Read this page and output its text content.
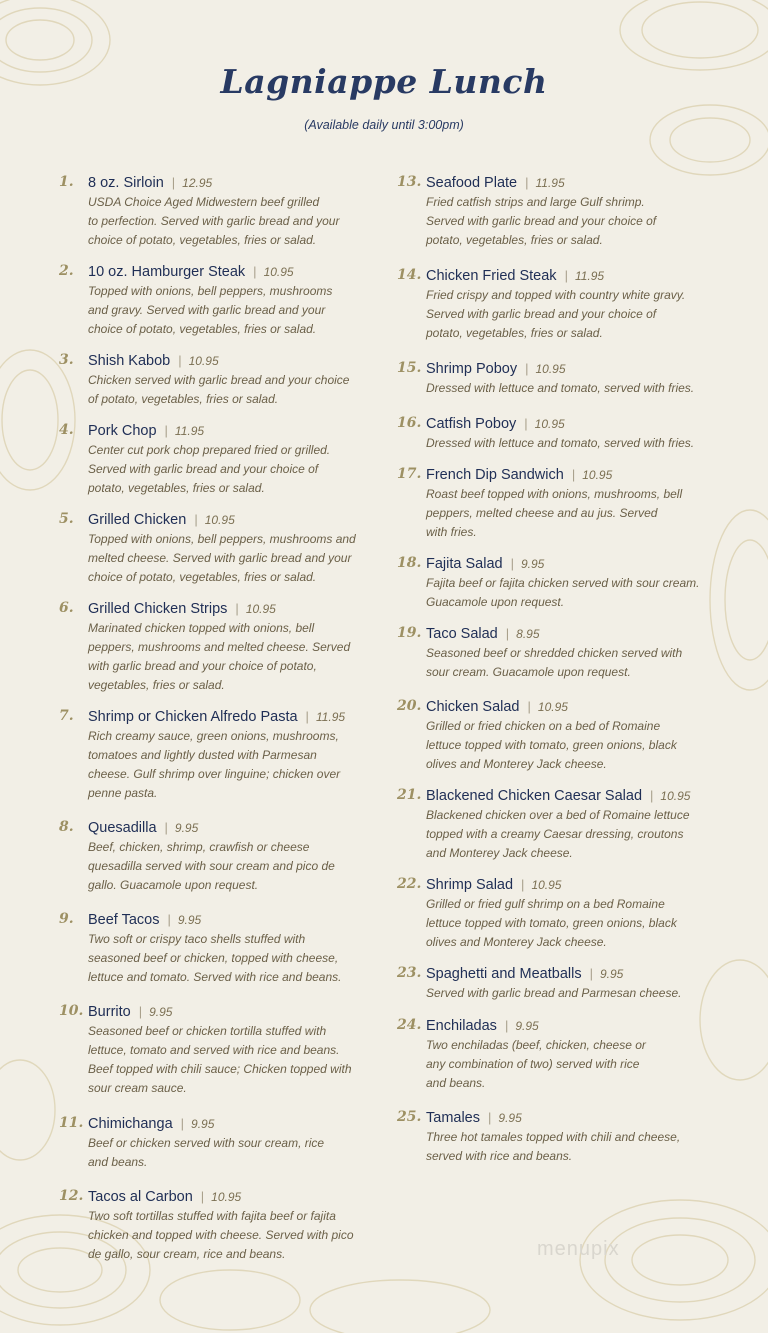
Lagniappe Lunch
(Available daily until 3:00pm)
1. 8 oz. Sirloin | 12.95
USDA Choice Aged Midwestern beef grilled
to perfection. Served with garlic bread and your
choice of potato, vegetables, fries or salad.
2. 10 oz. Hamburger Steak | 10.95
Topped with onions, bell peppers, mushrooms
and gravy. Served with garlic bread and your
choice of potato, vegetables, fries or salad.
3. Shish Kabob | 10.95
Chicken served with garlic bread and your choice
of potato, vegetables, fries or salad.
4. Pork Chop | 11.95
Center cut pork chop prepared fried or grilled.
Served with garlic bread and your choice of
potato, vegetables, fries or salad.
5. Grilled Chicken | 10.95
Topped with onions, bell peppers, mushrooms and
melted cheese. Served with garlic bread and your
choice of potato, vegetables, fries or salad.
6. Grilled Chicken Strips | 10.95
Marinated chicken topped with onions, bell
peppers, mushrooms and melted cheese. Served
with garlic bread and your choice of potato,
vegetables, fries or salad.
7. Shrimp or Chicken Alfredo Pasta | 11.95
Rich creamy sauce, green onions, mushrooms,
tomatoes and lightly dusted with Parmesan
cheese. Gulf shrimp over linguine; chicken over
penne pasta.
8. Quesadilla | 9.95
Beef, chicken, shrimp, crawfish or cheese
quesadilla served with sour cream and pico de
gallo. Guacamole upon request.
9. Beef Tacos | 9.95
Two soft or crispy taco shells stuffed with
seasoned beef or chicken, topped with cheese,
lettuce and tomato. Served with rice and beans.
10. Burrito | 9.95
Seasoned beef or chicken tortilla stuffed with
lettuce, tomato and served with rice and beans.
Beef topped with chili sauce; Chicken topped with
sour cream sauce.
11. Chimichanga | 9.95
Beef or chicken served with sour cream, rice
and beans.
12. Tacos al Carbon | 10.95
Two soft tortillas stuffed with fajita beef or fajita
chicken and topped with cheese. Served with pico
de gallo, sour cream, rice and beans.
13. Seafood Plate | 11.95
Fried catfish strips and large Gulf shrimp.
Served with garlic bread and your choice of
potato, vegetables, fries or salad.
14. Chicken Fried Steak | 11.95
Fried crispy and topped with country white gravy.
Served with garlic bread and your choice of
potato, vegetables, fries or salad.
15. Shrimp Poboy | 10.95
Dressed with lettuce and tomato, served with fries.
16. Catfish Poboy | 10.95
Dressed with lettuce and tomato, served with fries.
17. French Dip Sandwich | 10.95
Roast beef topped with onions, mushrooms, bell
peppers, melted cheese and au jus. Served
with fries.
18. Fajita Salad | 9.95
Fajita beef or fajita chicken served with sour cream.
Guacamole upon request.
19. Taco Salad | 8.95
Seasoned beef or shredded chicken served with
sour cream. Guacamole upon request.
20. Chicken Salad | 10.95
Grilled or fried chicken on a bed of Romaine
lettuce topped with tomato, green onions, black
olives and Monterey Jack cheese.
21. Blackened Chicken Caesar Salad | 10.95
Blackened chicken over a bed of Romaine lettuce
topped with a creamy Caesar dressing, croutons
and Monterey Jack cheese.
22. Shrimp Salad | 10.95
Grilled or fried gulf shrimp on a bed Romaine
lettuce topped with tomato, green onions, black
olives and Monterey Jack cheese.
23. Spaghetti and Meatballs | 9.95
Served with garlic bread and Parmesan cheese.
24. Enchiladas | 9.95
Two enchiladas (beef, chicken, cheese or
any combination of two) served with rice
and beans.
25. Tamales | 9.95
Three hot tamales topped with chili and cheese,
served with rice and beans.
menupix
